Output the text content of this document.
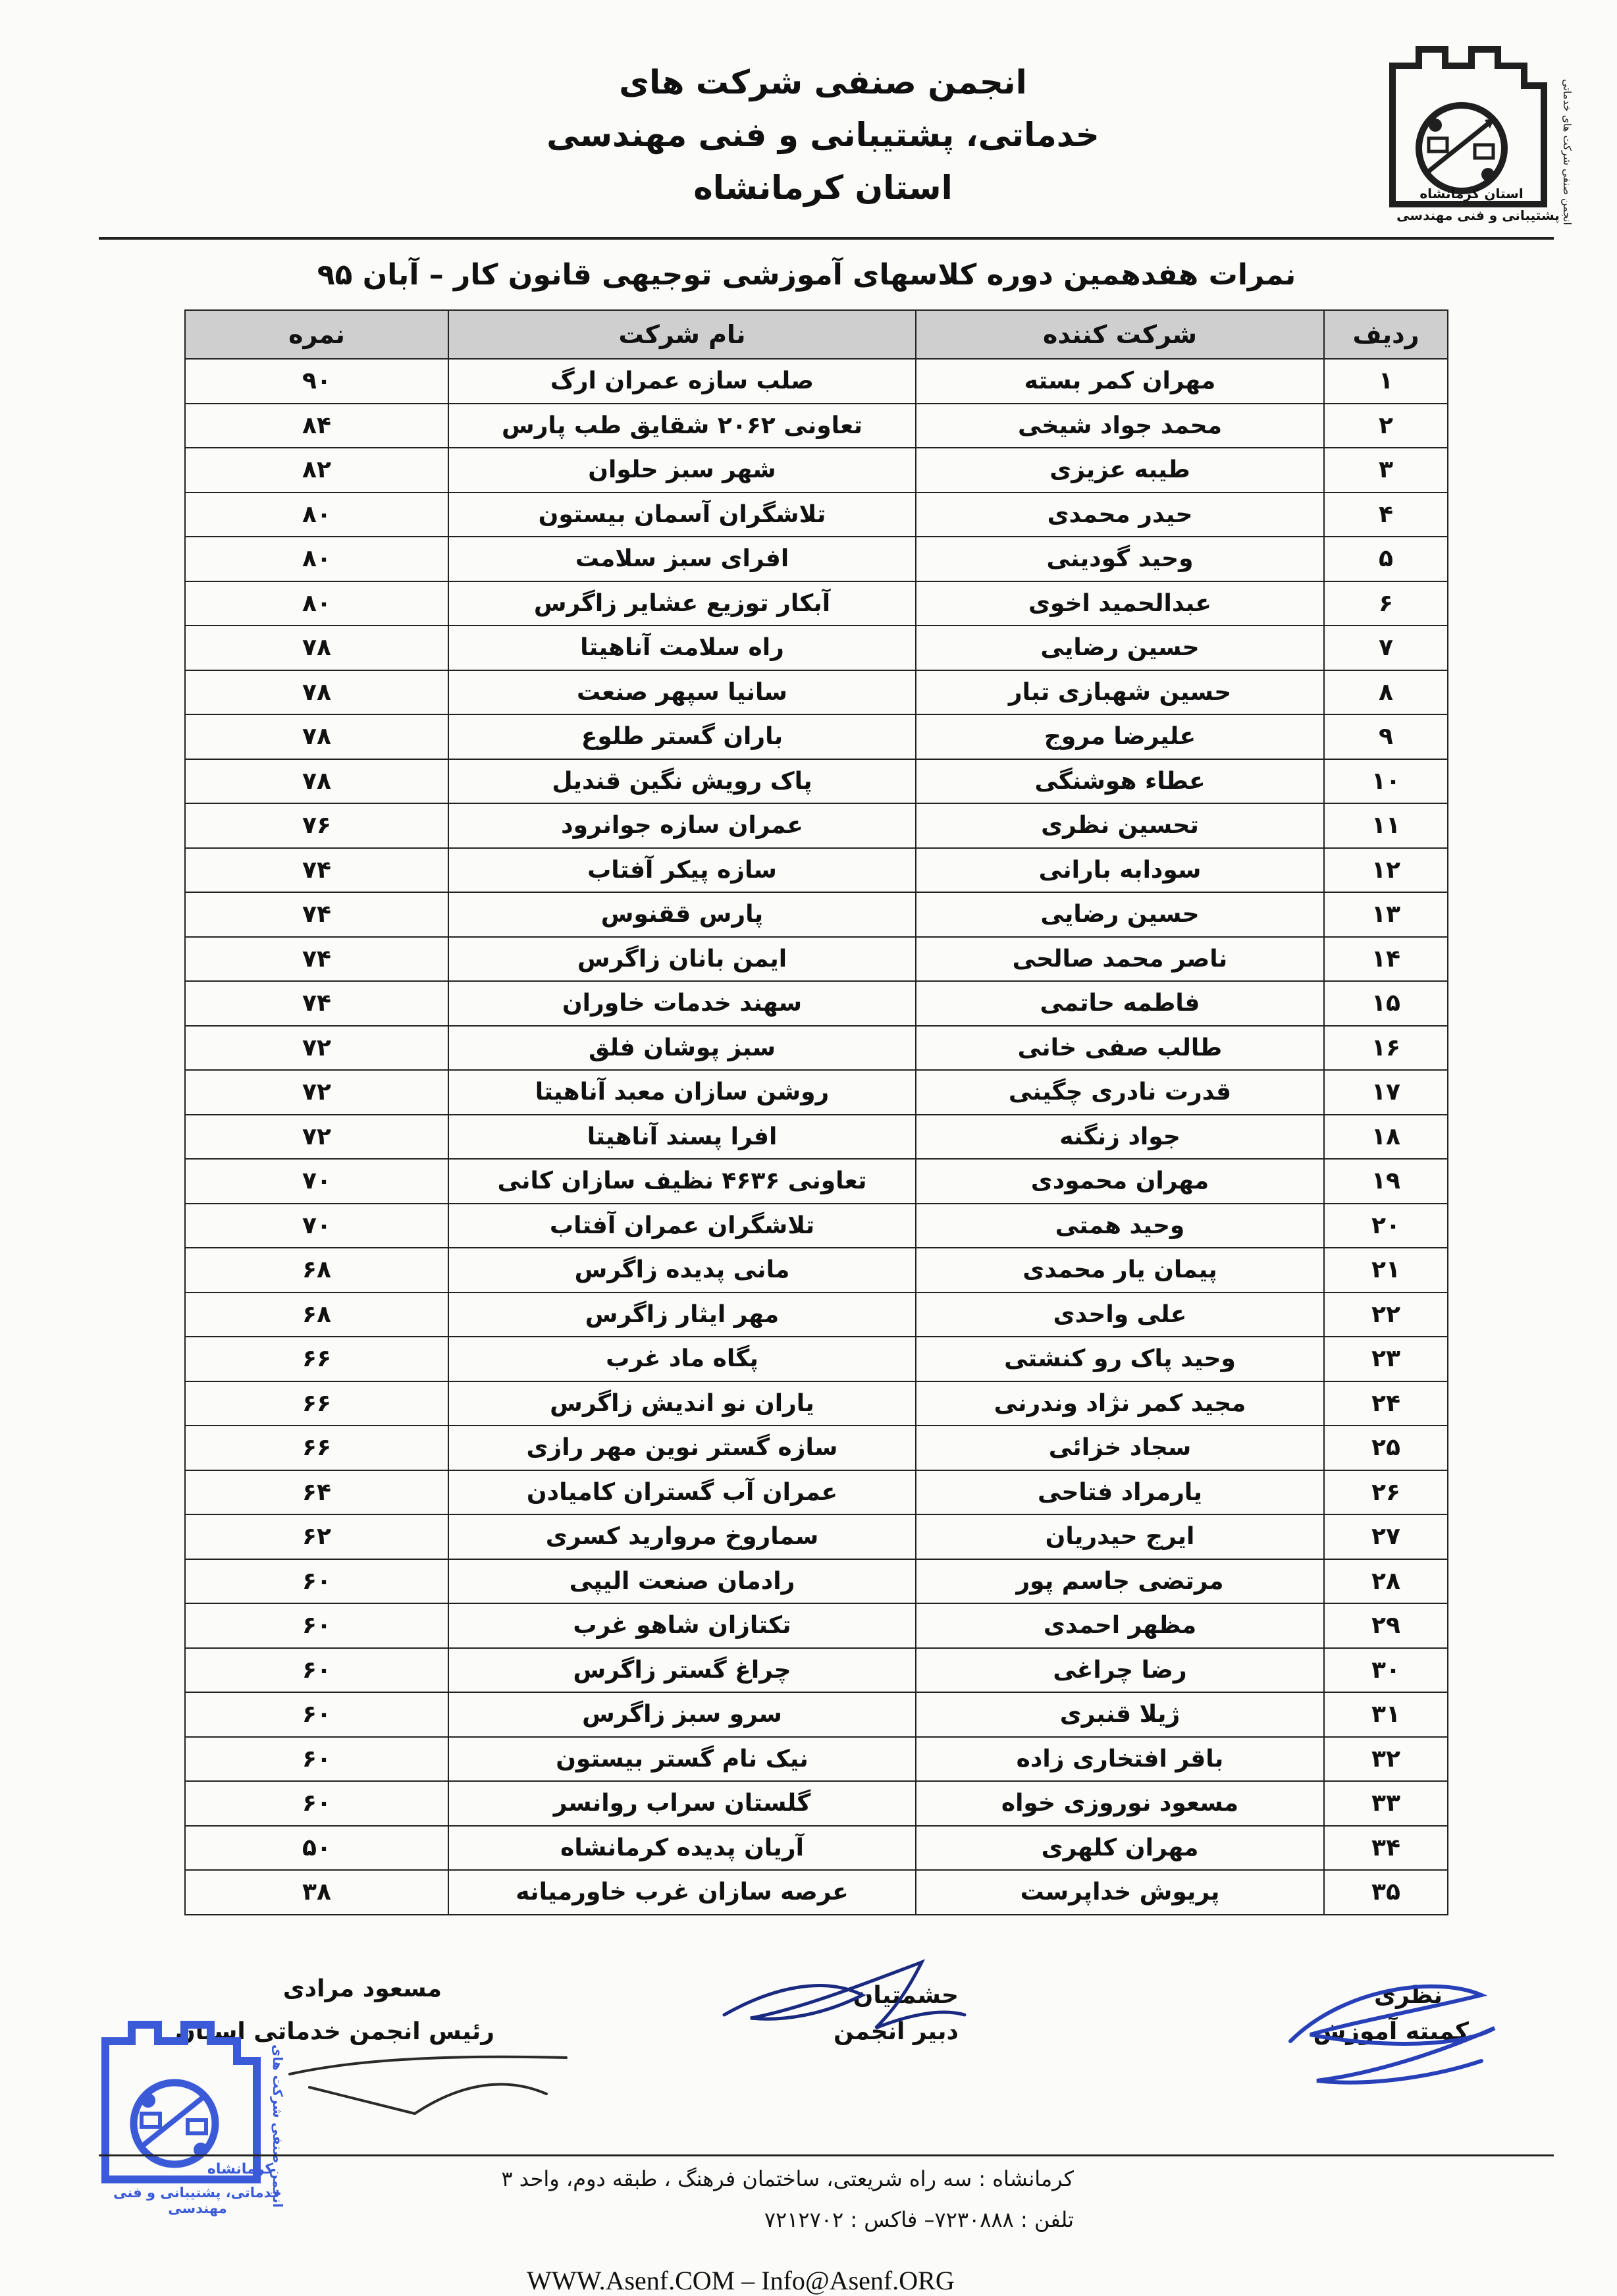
انجمن صنفی شرکت های
خدماتی، پشتیبانی و فنی مهندسی
استان کرمانشاه	انجمن صنفی شرکت های خدماتی
استان کرمانشاه
پشتیبانی و فنی مهندسی
نمرات هفدهمین دوره کلاسهای آموزشی توجیهی قانون کار – آبان ۹۵
ردیف	شرکت کننده	نام شرکت	نمره
۱	مهران کمر بسته	صلب سازه عمران ارگ	۹۰
۲	محمد جواد شیخی	تعاونی ۲۰۶۲ شقایق طب پارس	۸۴
۳	طیبه عزیزی	شهر سبز حلوان	۸۲
۴	حیدر محمدی	تلاشگران آسمان بیستون	۸۰
۵	وحید گودینی	افرای سبز سلامت	۸۰
۶	عبدالحمید اخوی	آبکار توزیع عشایر زاگرس	۸۰
۷	حسین رضایی	راه سلامت آناهیتا	۷۸
۸	حسین شهبازی تبار	سانیا سپهر صنعت	۷۸
۹	علیرضا مروج	باران گستر طلوع	۷۸
۱۰	عطاء هوشنگی	پاک رویش نگین قندیل	۷۸
۱۱	تحسین نظری	عمران سازه جوانرود	۷۶
۱۲	سودابه بارانی	سازه پیکر آفتاب	۷۴
۱۳	حسین رضایی	پارس ققنوس	۷۴
۱۴	ناصر محمد صالحی	ایمن بانان زاگرس	۷۴
۱۵	فاطمه حاتمی	سهند خدمات خاوران	۷۴
۱۶	طالب صفی خانی	سبز پوشان فلق	۷۲
۱۷	قدرت نادری چگینی	روشن سازان معبد آناهیتا	۷۲
۱۸	جواد زنگنه	افرا پسند آناهیتا	۷۲
۱۹	مهران محمودی	تعاونی ۴۶۳۶ نظیف سازان کانی	۷۰
۲۰	وحید همتی	تلاشگران عمران آفتاب	۷۰
۲۱	پیمان یار محمدی	مانی پدیده زاگرس	۶۸
۲۲	علی واحدی	مهر ایثار زاگرس	۶۸
۲۳	وحید پاک رو کنشتی	پگاه ماد غرب	۶۶
۲۴	مجید کمر نژاد وندرنی	یاران نو اندیش زاگرس	۶۶
۲۵	سجاد خزائی	سازه گستر نوین مهر رازی	۶۶
۲۶	یارمراد فتاحی	عمران آب گستران کامیادن	۶۴
۲۷	ایرج حیدریان	سماروخ مروارید کسری	۶۲
۲۸	مرتضی جاسم پور	رادمان صنعت الیپی	۶۰
۲۹	مظهر احمدی	تکتازان شاهو غرب	۶۰
۳۰	رضا چراغی	چراغ گستر زاگرس	۶۰
۳۱	ژیلا قنبری	سرو سبز زاگرس	۶۰
۳۲	باقر افتخاری زاده	نیک نام گستر بیستون	۶۰
۳۳	مسعود نوروزی خواه	گلستان سراب روانسر	۶۰
۳۴	مهران کلهری	آریان پدیده کرمانشاه	۵۰
۳۵	پریوش خداپرست	عرصه سازان غرب خاورمیانه	۳۸
نظری
کمیته آموزش
حشمتیان
دبیر انجمن
مسعود مرادی
رئیس انجمن خدماتی استان
انجمن صنفی شرکت های
کرمانشاه
خدماتی، پشتیبانی و فنی مهندسی
کرمانشاه : سه راه شریعتی، ساختمان فرهنگ ، طبقه دوم، واحد ۳
تلفن : ۷۲۳۰۸۸۸– فاکس : ۷۲۱۲۷۰۲
WWW.Asenf.COM – Info@Asenf.ORG
